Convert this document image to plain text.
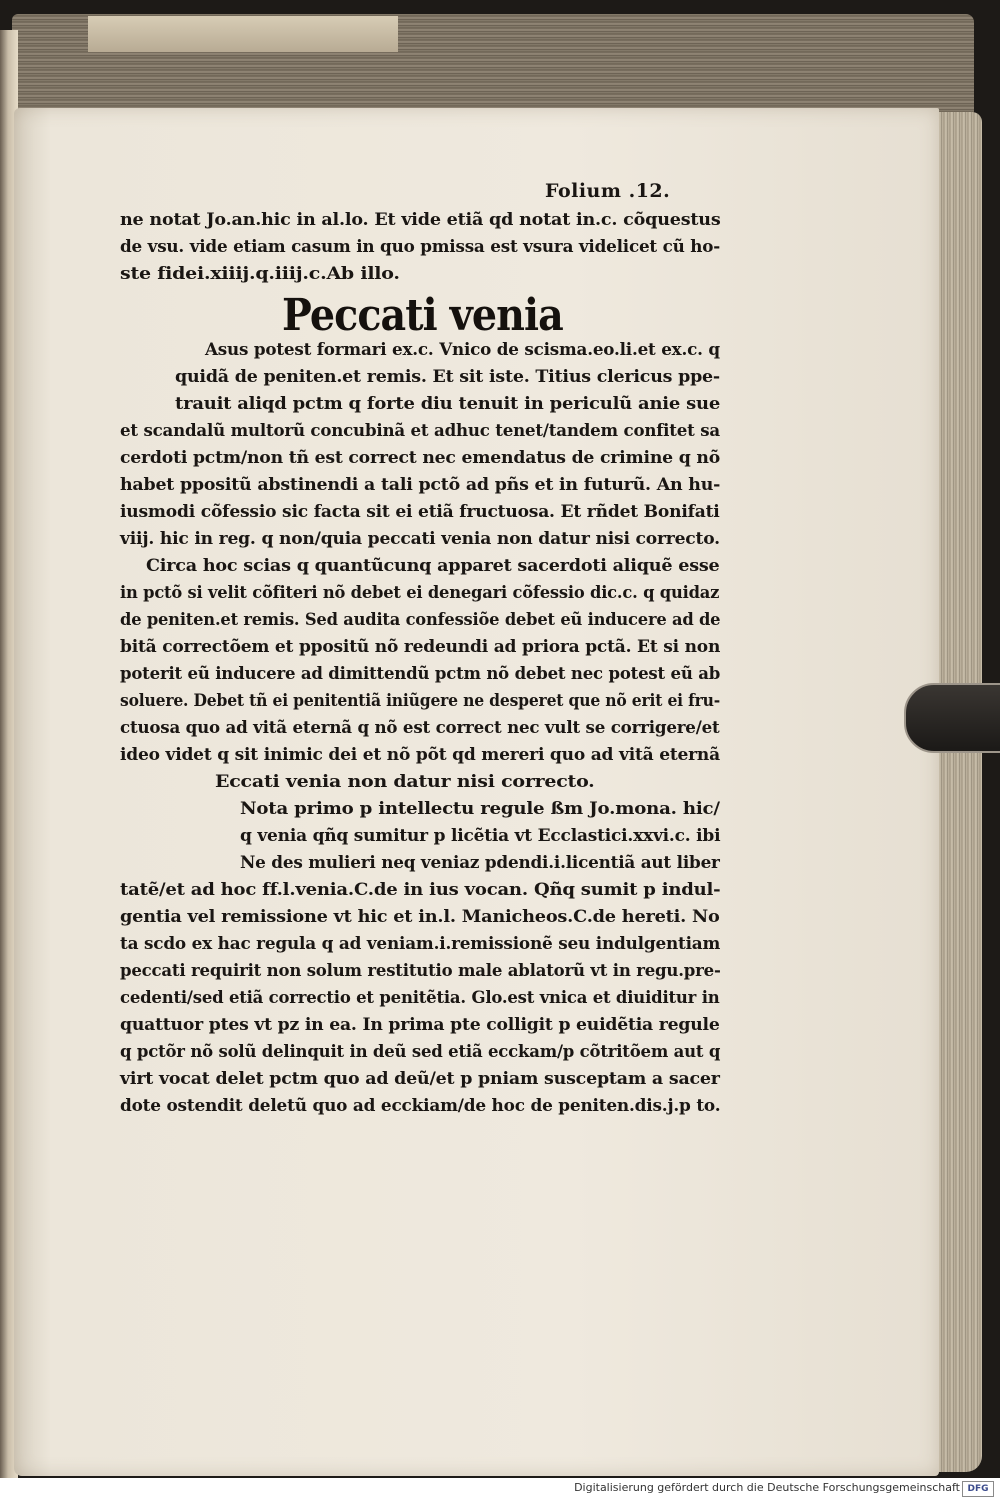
Folium .12.
ne notat Jo.an.hic in al.lo. Et vide etiã qd notat in.c. cõquestus
de vsu. vide etiam casum in quo pmissa est vsura videlicet cũ ho-
ste fidei.xiiij.q.iiij.c.Ab illo.
Peccati venia
Asus potest formari ex.c. Vnico de scisma.eo.li.et ex.c. q
quidã de peniten.et remis. Et sit iste. Titius clericus ppe-
trauit aliqd pctm q forte diu tenuit in periculũ anie sue
et scandalũ multorũ concubinã et adhuc tenet/tandem confitet sa
cerdoti pctm/non tñ est correct nec emendatus de crimine q nõ
habet ppositũ abstinendi a tali pctõ ad pñs et in futurũ. An hu-
iusmodi cõfessio sic facta sit ei etiã fructuosa. Et rñdet Bonifati
viij. hic in reg. q non/quia peccati venia non datur nisi correcto.
Circa hoc scias q quantũcunq apparet sacerdoti aliquẽ esse
in pctõ si velit cõfiteri nõ debet ei denegari cõfessio dic.c. q quidaz
de peniten.et remis. Sed audita confessiõe debet eũ inducere ad de
bitã correctõem et ppositũ nõ redeundi ad priora pctã. Et si non
poterit eũ inducere ad dimittendũ pctm nõ debet nec potest eũ ab
soluere. Debet tñ ei penitentiã iniũgere ne desperet que nõ erit ei fru-
ctuosa quo ad vitã eternã q nõ est correct nec vult se corrigere/et
ideo videt q sit inimic dei et nõ põt qd mereri quo ad vitã eternã
Eccati venia non datur nisi correcto.
Nota primo p intellectu regule ßm Jo.mona. hic/
q venia qñq sumitur p licẽtia vt Ecclastici.xxvi.c. ibi
Ne des mulieri neq veniaz pdendi.i.licentiã aut liber
tatẽ/et ad hoc ff.l.venia.C.de in ius vocan. Qñq sumit p indul-
gentia vel remissione vt hic et in.l. Manicheos.C.de hereti. No
ta scdo ex hac regula q ad veniam.i.remissionẽ seu indulgentiam
peccati requirit non solum restitutio male ablatorũ vt in regu.pre-
cedenti/sed etiã correctio et penitẽtia. Glo.est vnica et diuiditur in
quattuor ptes vt pz in ea. In prima pte colligit p euidẽtia regule
q pctõr nõ solũ delinquit in deũ sed etiã ecckam/p cõtritõem aut q
virt vocat delet pctm quo ad deũ/et p pniam susceptam a sacer
dote ostendit deletũ quo ad ecckiam/de hoc de peniten.dis.j.p to.
Digitalisierung gefördert durch die Deutsche Forschungsgemeinschaft DFG
